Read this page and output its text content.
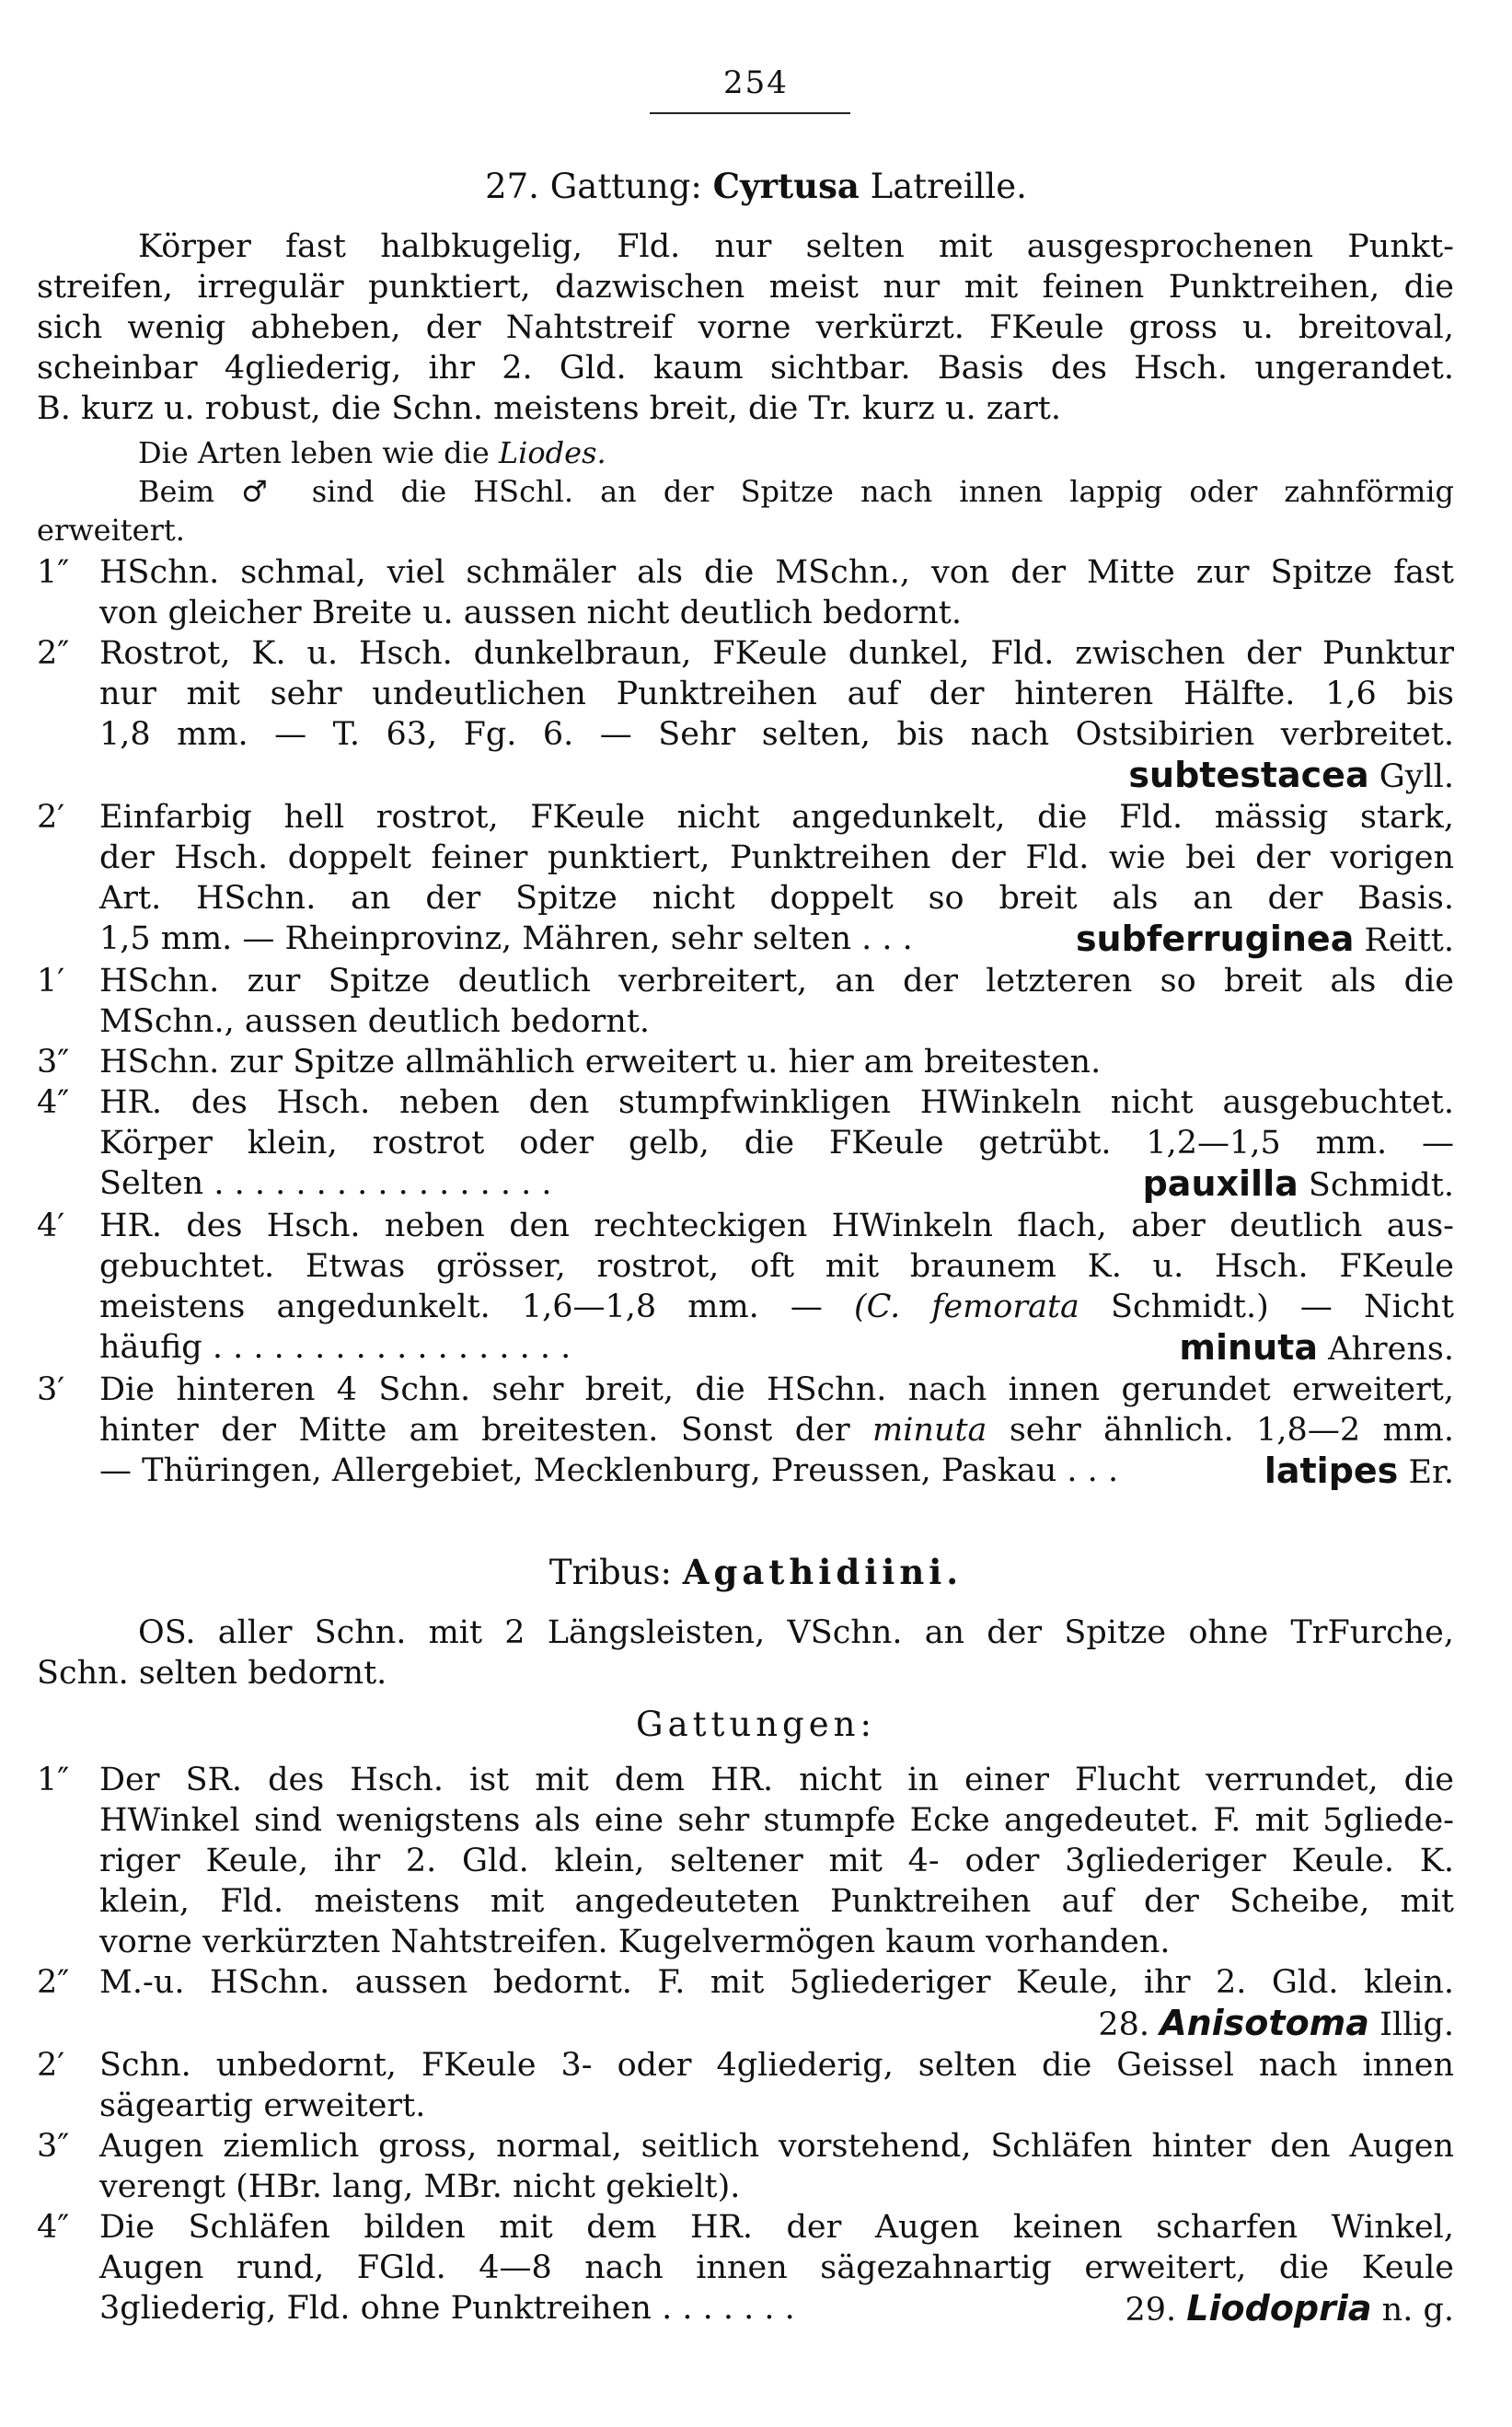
254
27. Gattung: Cyrtusa Latreille.
Körper fast halbkugelig, Fld. nur selten mit ausgesprochenen Punkt-
streifen, irregulär punktiert, dazwischen meist nur mit feinen Punktreihen, die
sich wenig abheben, der Nahtstreif vorne verkürzt. FKeule gross u. breitoval,
scheinbar 4gliederig, ihr 2. Gld. kaum sichtbar. Basis des Hsch. ungerandet.
B. kurz u. robust, die Schn. meistens breit, die Tr. kurz u. zart.
Die Arten leben wie die Liodes.
Beim ♂ sind die HSchl. an der Spitze nach innen lappig oder zahnförmig
erweitert.
1″ HSchn. schmal, viel schmäler als die MSchn., von der Mitte zur Spitze fast
von gleicher Breite u. aussen nicht deutlich bedornt.
2″ Rostrot, K. u. Hsch. dunkelbraun, FKeule dunkel, Fld. zwischen der Punktur
nur mit sehr undeutlichen Punktreihen auf der hinteren Hälfte. 1,6 bis
1,8 mm. — T. 63, Fg. 6. — Sehr selten, bis nach Ostsibirien verbreitet.
subtestacea Gyll.
2′ Einfarbig hell rostrot, FKeule nicht angedunkelt, die Fld. mässig stark,
der Hsch. doppelt feiner punktiert, Punktreihen der Fld. wie bei der vorigen
Art. HSchn. an der Spitze nicht doppelt so breit als an der Basis.
1,5 mm. — Rheinprovinz, Mähren, sehr selten . . .	subferruginea Reitt.
1′ HSchn. zur Spitze deutlich verbreitert, an der letzteren so breit als die
MSchn., aussen deutlich bedornt.
3″ HSchn. zur Spitze allmählich erweitert u. hier am breitesten.
4″ HR. des Hsch. neben den stumpfwinkligen HWinkeln nicht ausgebuchtet.
Körper klein, rostrot oder gelb, die FKeule getrübt. 1,2—1,5 mm. —
Selten . . . . . . . . . . . . . . . . .	pauxilla Schmidt.
4′ HR. des Hsch. neben den rechteckigen HWinkeln flach, aber deutlich aus-
gebuchtet. Etwas grösser, rostrot, oft mit braunem K. u. Hsch. FKeule
meistens angedunkelt. 1,6—1,8 mm. — (C. femorata Schmidt.) — Nicht
häufig . . . . . . . . . . . . . . . . . .	minuta Ahrens.
3′ Die hinteren 4 Schn. sehr breit, die HSchn. nach innen gerundet erweitert,
hinter der Mitte am breitesten. Sonst der minuta sehr ähnlich. 1,8—2 mm.
— Thüringen, Allergebiet, Mecklenburg, Preussen, Paskau . . .	latipes Er.
Tribus: Agathidiini.
OS. aller Schn. mit 2 Längsleisten, VSchn. an der Spitze ohne TrFurche,
Schn. selten bedornt.
Gattungen:
1″ Der SR. des Hsch. ist mit dem HR. nicht in einer Flucht verrundet, die
HWinkel sind wenigstens als eine sehr stumpfe Ecke angedeutet. F. mit 5gliede-
riger Keule, ihr 2. Gld. klein, seltener mit 4- oder 3gliederiger Keule. K.
klein, Fld. meistens mit angedeuteten Punktreihen auf der Scheibe, mit
vorne verkürzten Nahtstreifen. Kugelvermögen kaum vorhanden.
2″ M.-u. HSchn. aussen bedornt. F. mit 5gliederiger Keule, ihr 2. Gld. klein.
28. Anisotoma Illig.
2′ Schn. unbedornt, FKeule 3- oder 4gliederig, selten die Geissel nach innen
sägeartig erweitert.
3″ Augen ziemlich gross, normal, seitlich vorstehend, Schläfen hinter den Augen
verengt (HBr. lang, MBr. nicht gekielt).
4″ Die Schläfen bilden mit dem HR. der Augen keinen scharfen Winkel,
Augen rund, FGld. 4—8 nach innen sägezahnartig erweitert, die Keule
3gliederig, Fld. ohne Punktreihen . . . . . . .	29. Liodopria n. g.
